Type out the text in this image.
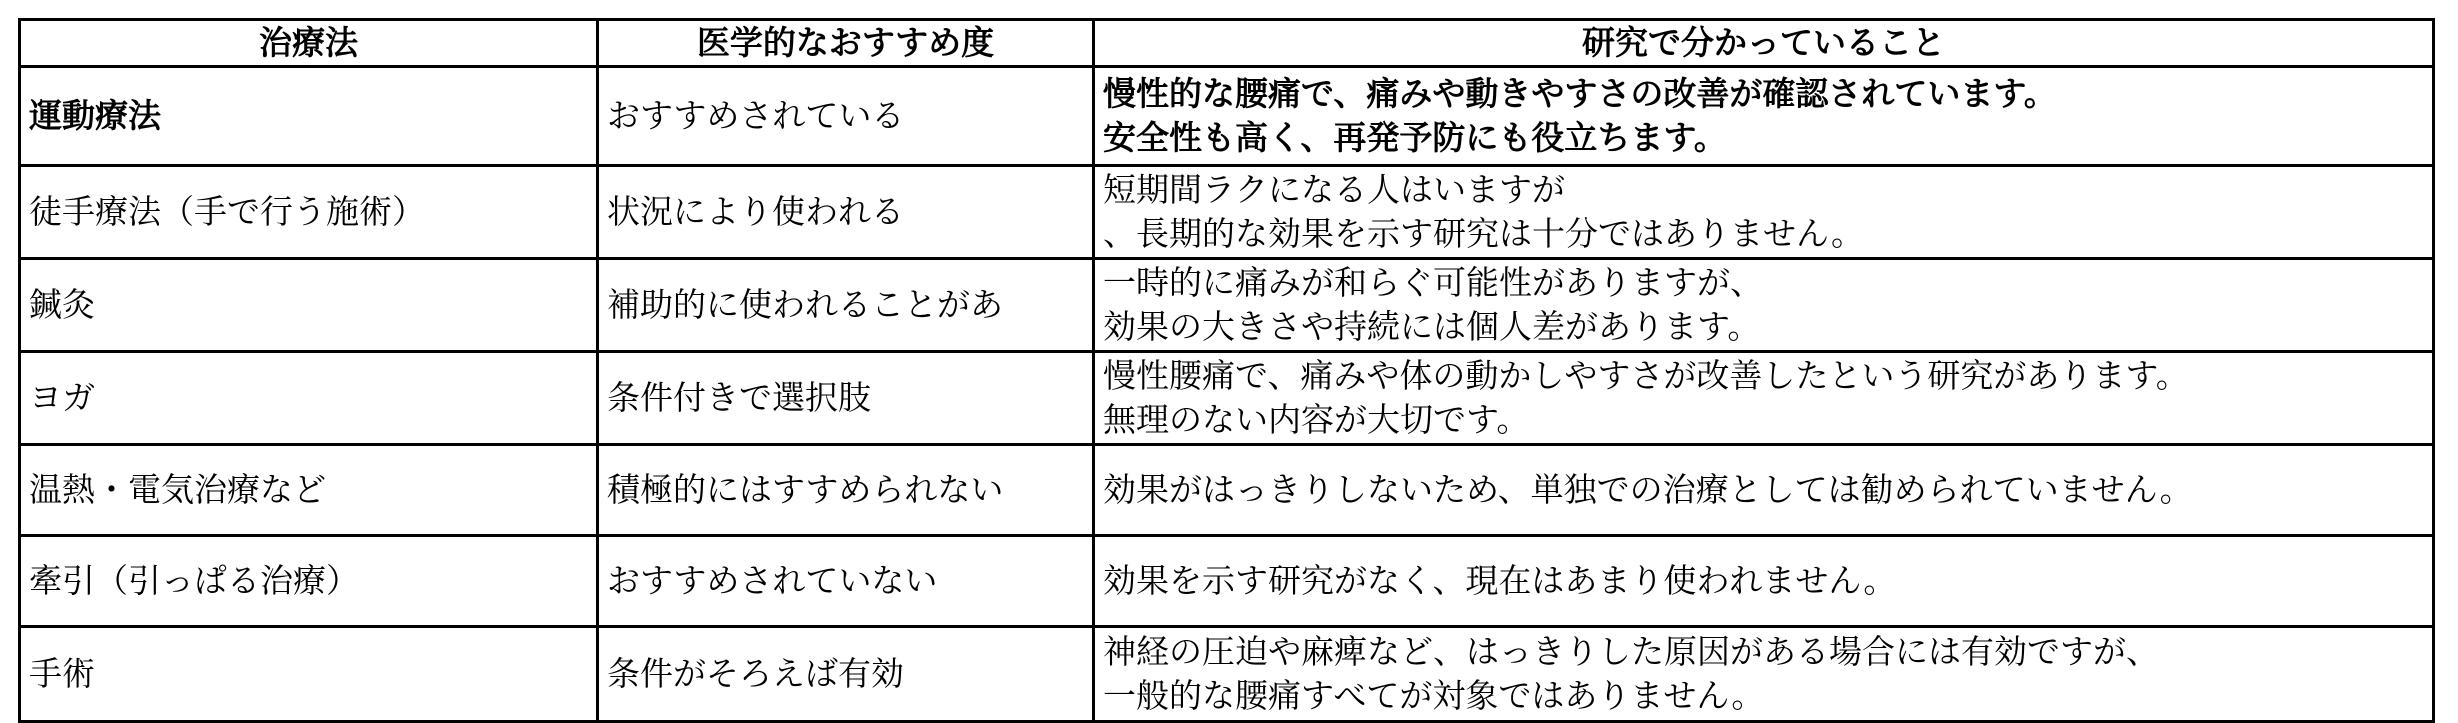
治療法	医学的なおすすめ度	研究で分かっていること
運動療法	おすすめされている	慢性的な腰痛で、痛みや動きやすさの改善が確認されています。
安全性も高く、再発予防にも役立ちます。

徒手療法（手で行う施術）	状況により使われる	短期間ラクになる人はいますが
、長期的な効果を示す研究は十分ではありません。

鍼灸	補助的に使われることがあ	一時的に痛みが和らぐ可能性がありますが、
効果の大きさや持続には個人差があります。

ヨガ	条件付きで選択肢	慢性腰痛で、痛みや体の動かしやすさが改善したという研究があります。
無理のない内容が大切です。

温熱・電気治療など	積極的にはすすめられない	効果がはっきりしないため、単独での治療としては勧められていません。

牽引（引っぱる治療）	おすすめされていない	効果を示す研究がなく、現在はあまり使われません。

手術	条件がそろえば有効	神経の圧迫や麻痺など、はっきりした原因がある場合には有効ですが、
一般的な腰痛すべてが対象ではありません。
